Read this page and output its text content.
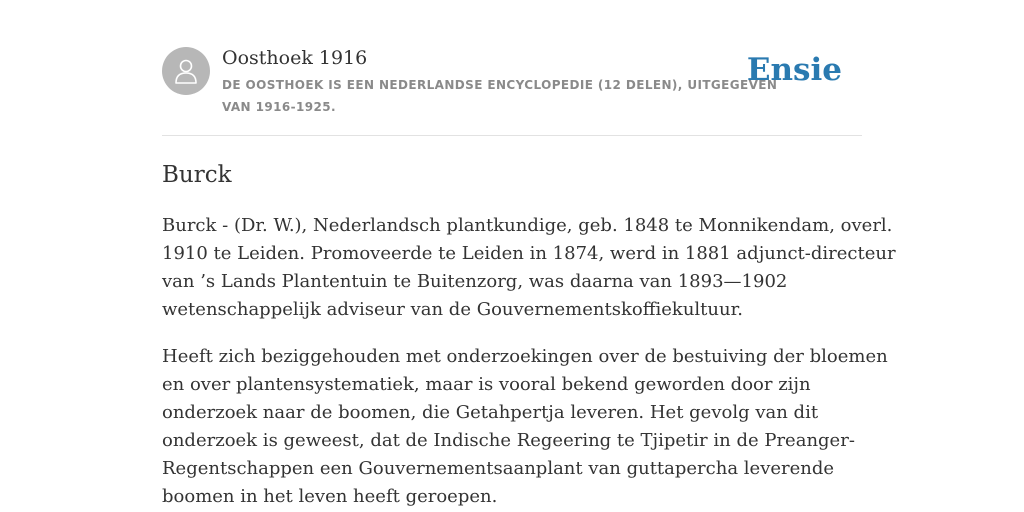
Oosthoek 1916
DE OOSTHOEK IS EEN NEDERLANDSE ENCYCLOPEDIE (12 DELEN), UITGEGEVEN
VAN 1916-1925.
Ensie
Burck

Burck - (Dr. W.), Nederlandsch plantkundige, geb. 1848 te Monnikendam, overl.
1910 te Leiden. Promoveerde te Leiden in 1874, werd in 1881 adjunct-directeur
van ’s Lands Plantentuin te Buitenzorg, was daarna van 1893—1902
wetenschappelijk adviseur van de Gouvernementskoffiekultuur.

Heeft zich beziggehouden met onderzoekingen over de bestuiving der bloemen
en over plantensystematiek, maar is vooral bekend geworden door zijn
onderzoek naar de boomen, die Getahpertja leveren. Het gevolg van dit
onderzoek is geweest, dat de Indische Regeering te Tjipetir in de Preanger-
Regentschappen een Gouvernementsaanplant van guttapercha leverende
boomen in het leven heeft geroepen.
